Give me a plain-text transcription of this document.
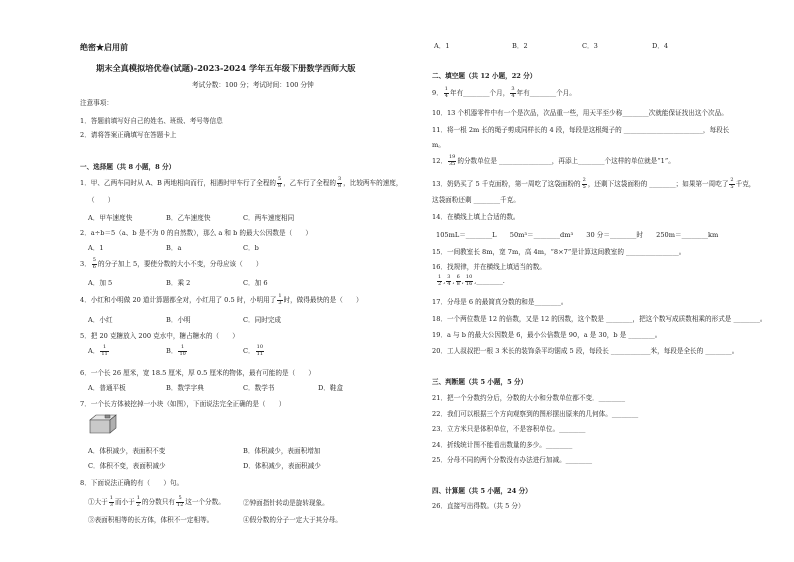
绝密★启用前
期末全真模拟培优卷(试题)-2023-2024 学年五年级下册数学西师大版
考试分数：100 分；考试时间：100 分钟
注意事项：
1．答题前填写好自己的姓名、班级、考号等信息
2．请将答案正确填写在答题卡上
一、选择题（共 8 小题，8 分）
1．甲、乙两车同时从 A、B 两地相向而行，相遇时甲车行了全程的 $\frac{5}{8}$ ，乙车行了全程的 $\frac{3}{8}$ ，比较两车的速度，
（　　）
A．甲车速度快	B．乙车速度快	C．两车速度相同
2．a÷b＝5（a、b 是不为 0 的自然数），那么 a 和 b 的最大公因数是（　　）
A．1	B．a	C．b
3． $\frac{5}{6}$ 的分子加上 5，要使分数的大小不变，分母应该（　　）
A．加 5	B．乘 2	C．加 6
4．小红和小明做 20 道计算题都全对，小红用了 0.5 时，小明用了 $\frac{1}{3}$ 时，做得最快的是（　　）
A．小红	B．小明	C．同时完成
5．把 20 克糖放入 200 克水中，糖占糖水的（　　）
A． $\frac{1}{11}$	B． $\frac{1}{10}$	C． $\frac{10}{11}$
6．一个长 26 厘米，宽 18.5 厘米，厚 0.5 厘米的物体，最有可能的是（　　）
A．普通平板	B．数学字典	C．数学书	D．鞋盒
7．一个长方体被挖掉一小块（如图），下面说法完全正确的是（　　）
A．体积减少，表面积不变	B．体积减少，表面积增加
C．体积不变，表面积减少	D．体积减少，表面积减少
8．下面说法正确的有（　　）句。
①大于 $\frac{1}{3}$ 而小于 $\frac{1}{2}$ 的分数只有 $\frac{5}{12}$ 这一个分数。	②钟面指针转动是旋转现象。
③表面积相等的长方体，体积不一定相等。	④假分数的分子一定大于其分母。
A．1	B．2	C．3	D．4
二、填空题（共 12 小题，22 分）
9． $\frac{1}{4}$ 年有________个月， $\frac{3}{4}$ 年有________个月。
10．13 个机器零件中有一个是次品，次品重一些，用天平至少称________次就能保证找出这个次品。
11．将一根 2m 长的绳子剪成同样长的 4 段，每段是这根绳子的 ________________________，每段长
m。
12． $\frac{19}{35}$ 的分数单位是 ________________，再添上________个这样的单位就是“1”。
13．奶奶买了 5 千克面粉，第一周吃了这袋面粉的 $\frac{2}{5}$ ，还剩下这袋面粉的 ________；如果第一周吃了 $\frac{2}{5}$ 千克，
这袋面粉还剩 ________千克。
14．在横线上填上合适的数。
105mL＝________L　　50m³＝________dm³　　30 分＝________时　　250m＝________km
15．一间教室长 8m，宽 7m，高 4m，“8×7”是计算这间教室的 ________________。
16．找规律，并在横线上填适当的数。
$\frac{1}{2}$ , $\frac{3}{4}$ , $\frac{6}{8}$ , $\frac{10}{16}$ ,________.
17．分母是 6 的最简真分数的和是________。
18．一个两位数是 12 的倍数，又是 12 的因数，这个数是 ________，把这个数写成质数相乘的形式是 ________。
19．a 与 b 的最大公因数是 6，最小公倍数是 90，a 是 30，b 是 ________。
20．工人叔叔把一根 3 米长的装饰条平均锯成 5 段，每段长 ____________米，每段是全长的 ________。
三、判断题（共 5 小题，5 分）
21．把一个分数约分后，分数的大小和分数单位都不变．________
22．我们可以根据三个方向观察到的图形摆出原来的几何体。________
23．立方米只是体积单位，不是容积单位。________
24．折线统计图不能看出数量的多少。________
25．分母不同的两个分数没有办法进行加减。________
四、计算题（共 5 小题，24 分）
26．直接写出得数。（共 5 分）
